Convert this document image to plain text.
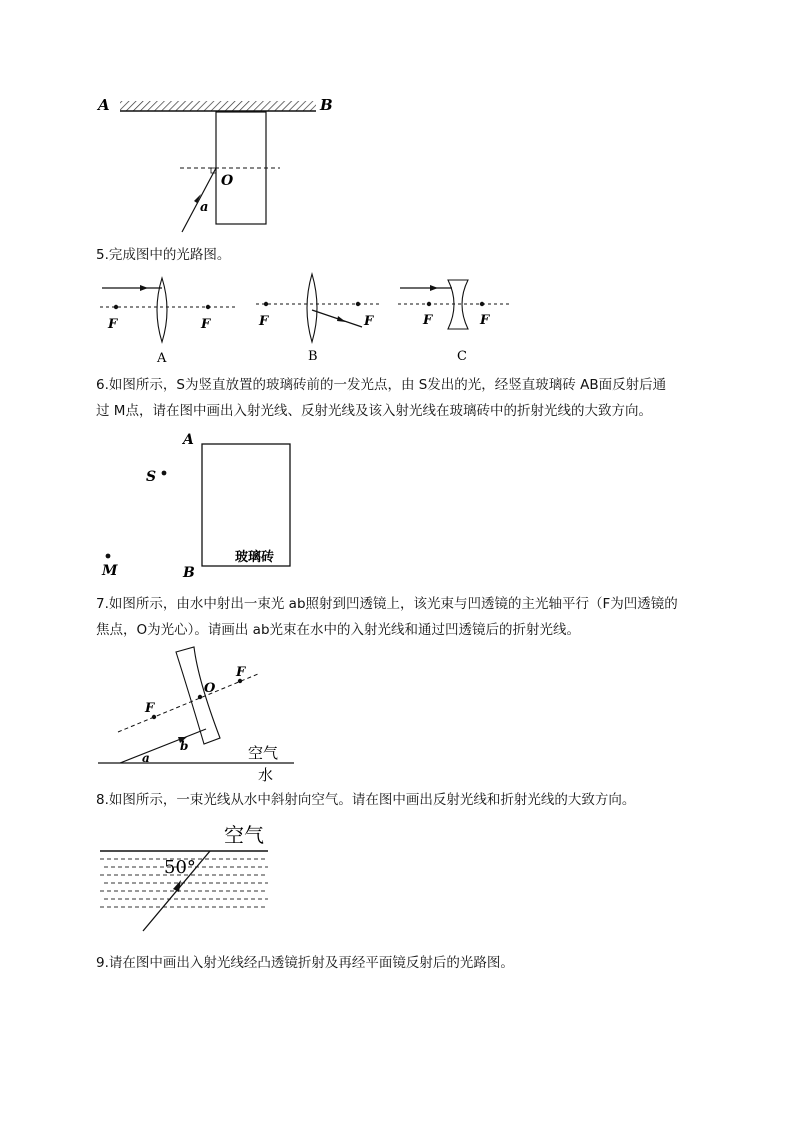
A	B
O
a
5.完成图中的光路图。
F	F
A
F	F
B
F	F
C
6.如图所示，S为竖直放置的玻璃砖前的一发光点，由 S发出的光，经竖直玻璃砖 AB面反射后通
过 M点，请在图中画出入射光线、反射光线及该入射光线在玻璃砖中的折射光线的大致方向。
A
玻璃砖
S
M	B
7.如图所示，由水中射出一束光 ab照射到凹透镜上，该光束与凹透镜的主光轴平行（F为凹透镜的
焦点，O为光心）。请画出 ab光束在水中的入射光线和通过凹透镜后的折射光线。
O
F
F
a
b	空气
水
8.如图所示，一束光线从水中斜射向空气。请在图中画出反射光线和折射光线的大致方向。
空气
50°
9.请在图中画出入射光线经凸透镜折射及再经平面镜反射后的光路图。
